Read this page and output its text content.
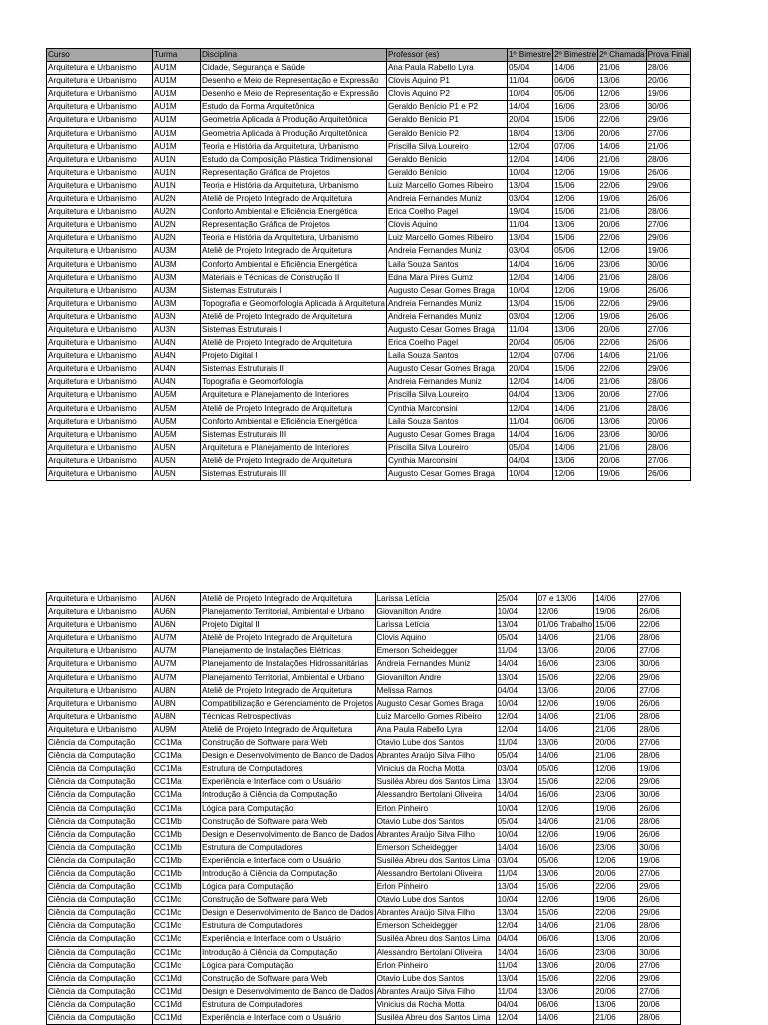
Curso	Turma	Disciplina	Professor (es)	1º Bimestre	2º Bimestre	2ª Chamada	Prova Final
Arquitetura e Urbanismo	AU1M	Cidade, Segurança e Saúde	Ana Paula Rabello Lyra	05/04	14/06	21/06	28/06
Arquitetura e Urbanismo	AU1M	Desenho e Meio de Representação e Expressão	Clovis Aquino P1	11/04	06/06	13/06	20/06
Arquitetura e Urbanismo	AU1M	Desenho e Meio de Representação e Expressão	Clovis Aquino P2	10/04	05/06	12/06	19/06
Arquitetura e Urbanismo	AU1M	Estudo da Forma Arquitetônica	Geraldo Benício P1 e P2	14/04	16/06	23/06	30/06
Arquitetura e Urbanismo	AU1M	Geometria Aplicada à Produção Arquitetônica	Geraldo Benício P1	20/04	15/06	22/06	29/06
Arquitetura e Urbanismo	AU1M	Geometria Aplicada à Produção Arquitetônica	Geraldo Benício P2	18/04	13/06	20/06	27/06
Arquitetura e Urbanismo	AU1M	Teoria e História da Arquitetura, Urbanismo	Priscilla Silva Loureiro	12/04	07/06	14/06	21/06
Arquitetura e Urbanismo	AU1N	Estudo da Composição Plástica Tridimensional	Geraldo Benício	12/04	14/06	21/06	28/06
Arquitetura e Urbanismo	AU1N	Representação Gráfica de Projetos	Geraldo Benício	10/04	12/06	19/06	26/06
Arquitetura e Urbanismo	AU1N	Teoria e História da Arquitetura, Urbanismo	Luiz Marcello Gomes Ribeiro	13/04	15/06	22/06	29/06
Arquitetura e Urbanismo	AU2N	Ateliê de Projeto Integrado de Arquitetura	Andreia Fernandes Muniz	03/04	12/06	19/06	26/06
Arquitetura e Urbanismo	AU2N	Conforto Ambiental e Eficiência Energética	Erica Coelho Pagel	19/04	15/06	21/06	28/06
Arquitetura e Urbanismo	AU2N	Representação Gráfica de Projetos	Clovis Aquino	11/04	13/06	20/06	27/06
Arquitetura e Urbanismo	AU2N	Teoria e História da Arquitetura, Urbanismo	Luiz Marcello Gomes Ribeiro	13/04	15/06	22/06	29/06
Arquitetura e Urbanismo	AU3M	Ateliê de Projeto Integrado de Arquitetura	Andreia Fernandes Muniz	03/04	05/06	12/06	19/06
Arquitetura e Urbanismo	AU3M	Conforto Ambiental e Eficiência Energética	Laila Souza Santos	14/04	16/06	23/06	30/06
Arquitetura e Urbanismo	AU3M	Materiais e Técnicas de Construção II	Edna Mara Pires Gumz	12/04	14/06	21/06	28/06
Arquitetura e Urbanismo	AU3M	Sistemas Estruturais I	Augusto Cesar Gomes Braga	10/04	12/06	19/06	26/06
Arquitetura e Urbanismo	AU3M	Topografia e Geomorfologia Aplicada à Arquitetura	Andreia Fernandes Muniz	13/04	15/06	22/06	29/06
Arquitetura e Urbanismo	AU3N	Ateliê de Projeto Integrado de Arquitetura	Andreia Fernandes Muniz	03/04	12/06	19/06	26/06
Arquitetura e Urbanismo	AU3N	Sistemas Estruturais I	Augusto Cesar Gomes Braga	11/04	13/06	20/06	27/06
Arquitetura e Urbanismo	AU4N	Ateliê de Projeto Integrado de Arquitetura	Erica Coelho Pagel	20/04	05/06	22/06	26/06
Arquitetura e Urbanismo	AU4N	Projeto Digital I	Laila Souza Santos	12/04	07/06	14/06	21/06
Arquitetura e Urbanismo	AU4N	Sistemas Estruturais II	Augusto Cesar Gomes Braga	20/04	15/06	22/06	29/06
Arquitetura e Urbanismo	AU4N	Topografia e Geomorfologia	Andreia Fernandes Muniz	12/04	14/06	21/06	28/06
Arquitetura e Urbanismo	AU5M	Arquitetura e Planejamento de Interiores	Priscilla Silva Loureiro	04/04	13/06	20/06	27/06
Arquitetura e Urbanismo	AU5M	Ateliê de Projeto Integrado de Arquitetura	Cynthia Marconsini	12/04	14/06	21/06	28/06
Arquitetura e Urbanismo	AU5M	Conforto Ambiental e Eficiência Energética	Laila Souza Santos	11/04	06/06	13/06	20/06
Arquitetura e Urbanismo	AU5M	Sistemas Estruturais III	Augusto Cesar Gomes Braga	14/04	16/06	23/06	30/06
Arquitetura e Urbanismo	AU5N	Arquitetura e Planejamento de Interiores	Priscilla Silva Loureiro	05/04	14/06	21/06	28/06
Arquitetura e Urbanismo	AU5N	Ateliê de Projeto Integrado de Arquitetura	Cynthia Marconsini	04/04	13/06	20/06	27/06
Arquitetura e Urbanismo	AU5N	Sistemas Estruturais III	Augusto Cesar Gomes Braga	10/04	12/06	19/06	26/06
Arquitetura e Urbanismo	AU6N	Ateliê de Projeto Integrado de Arquitetura	Larissa Letícia	25/04	07 e 13/06	14/06	27/06
Arquitetura e Urbanismo	AU6N	Planejamento Territorial, Ambiental e Urbano	Giovanilton Andre	10/04	12/06	19/06	26/06
Arquitetura e Urbanismo	AU6N	Projeto Digital II	Larissa Letícia	13/04	01/06 Trabalho	15/06	22/06
Arquitetura e Urbanismo	AU7M	Ateliê de Projeto Integrado de Arquitetura	Clovis Aquino	05/04	14/06	21/06	28/06
Arquitetura e Urbanismo	AU7M	Planejamento de Instalações Elétricas	Emerson Scheidegger	11/04	13/06	20/06	27/06
Arquitetura e Urbanismo	AU7M	Planejamento de Instalações Hidrossanitárias	Andreia Fernandes Muniz	14/04	16/06	23/06	30/06
Arquitetura e Urbanismo	AU7M	Planejamento Territorial, Ambiental e Urbano	Giovanilton Andre	13/04	15/06	22/06	29/06
Arquitetura e Urbanismo	AU8N	Ateliê de Projeto Integrado de Arquitetura	Melissa Ramos	04/04	13/06	20/06	27/06
Arquitetura e Urbanismo	AU8N	Compatibilização e Gerenciamento de Projetos	Augusto Cesar Gomes Braga	10/04	12/06	19/06	26/06
Arquitetura e Urbanismo	AU8N	Técnicas Retrospectivas	Luiz Marcello Gomes Ribeiro	12/04	14/06	21/06	28/06
Arquitetura e Urbanismo	AU9M	Ateliê de Projeto Integrado de Arquitetura	Ana Paula Rabello Lyra	12/04	14/06	21/06	28/06
Ciência da Computação	CC1Ma	Construção de Software para Web	Otavio Lube dos Santos	11/04	13/06	20/06	27/06
Ciência da Computação	CC1Ma	Design e Desenvolvimento de Banco de Dados	Abrantes Araújo Silva Filho	05/04	14/06	21/06	28/06
Ciência da Computação	CC1Ma	Estrutura de Computadores	Vinicius da Rocha Motta	03/04	05/06	12/06	19/06
Ciência da Computação	CC1Ma	Experiência e Interface com o Usuário	Susiléa Abreu dos Santos Lima	13/04	15/06	22/06	29/06
Ciência da Computação	CC1Ma	Introdução à Ciência da Computação	Alessandro Bertolani Oliveira	14/04	16/06	23/06	30/06
Ciência da Computação	CC1Ma	Lógica para Computação	Erlon Pinheiro	10/04	12/06	19/06	26/06
Ciência da Computação	CC1Mb	Construção de Software para Web	Otavio Lube dos Santos	05/04	14/06	21/06	28/06
Ciência da Computação	CC1Mb	Design e Desenvolvimento de Banco de Dados	Abrantes Araújo Silva Filho	10/04	12/06	19/06	26/06
Ciência da Computação	CC1Mb	Estrutura de Computadores	Emerson Scheidegger	14/04	16/06	23/06	30/06
Ciência da Computação	CC1Mb	Experiência e Interface com o Usuário	Susiléa Abreu dos Santos Lima	03/04	05/06	12/06	19/06
Ciência da Computação	CC1Mb	Introdução à Ciência da Computação	Alessandro Bertolani Oliveira	11/04	13/06	20/06	27/06
Ciência da Computação	CC1Mb	Lógica para Computação	Erlon Pinheiro	13/04	15/06	22/06	29/06
Ciência da Computação	CC1Mc	Construção de Software para Web	Otavio Lube dos Santos	10/04	12/06	19/06	26/06
Ciência da Computação	CC1Mc	Design e Desenvolvimento de Banco de Dados	Abrantes Araújo Silva Filho	13/04	15/06	22/06	29/06
Ciência da Computação	CC1Mc	Estrutura de Computadores	Emerson Scheidegger	12/04	14/06	21/06	28/06
Ciência da Computação	CC1Mc	Experiência e Interface com o Usuário	Susiléa Abreu dos Santos Lima	04/04	06/06	13/06	20/06
Ciência da Computação	CC1Mc	Introdução à Ciência da Computação	Alessandro Bertolani Oliveira	14/04	16/06	23/06	30/06
Ciência da Computação	CC1Mc	Lógica para Computação	Erlon Pinheiro	11/04	13/06	20/06	27/06
Ciência da Computação	CC1Md	Construção de Software para Web	Otavio Lube dos Santos	13/04	15/06	22/06	29/06
Ciência da Computação	CC1Md	Design e Desenvolvimento de Banco de Dados	Abrantes Araújo Silva Filho	11/04	13/06	20/06	27/06
Ciência da Computação	CC1Md	Estrutura de Computadores	Vinicius da Rocha Motta	04/04	06/06	13/06	20/06
Ciência da Computação	CC1Md	Experiência e Interface com o Usuário	Susiléa Abreu dos Santos Lima	12/04	14/06	21/06	28/06
